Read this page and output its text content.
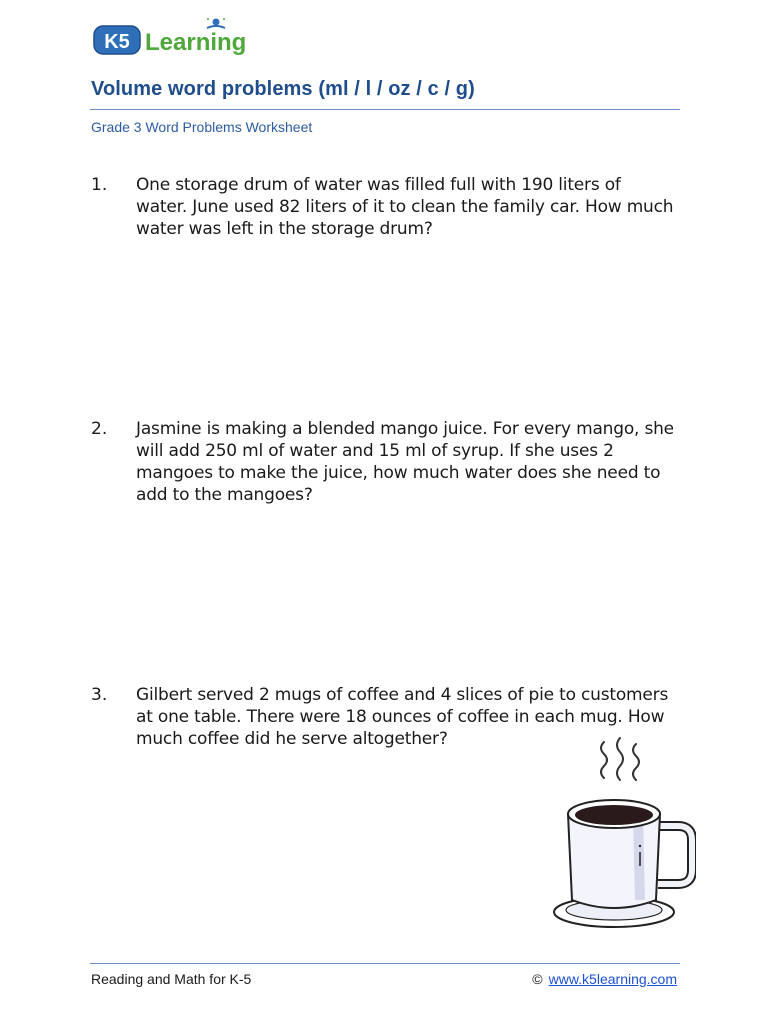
K5 Learning
Volume word problems (ml / l / oz / c / g)
Grade 3 Word Problems Worksheet
1. One storage drum of water was filled full with 190 liters of water. June used 82 liters of it to clean the family car. How much water was left in the storage drum?
2. Jasmine is making a blended mango juice. For every mango, she will add 250 ml of water and 15 ml of syrup. If she uses 2 mangoes to make the juice, how much water does she need to add to the mangoes?
3. Gilbert served 2 mugs of coffee and 4 slices of pie to customers at one table. There were 18 ounces of coffee in each mug. How much coffee did he serve altogether?
Reading and Math for K-5	© www.k5learning.com
